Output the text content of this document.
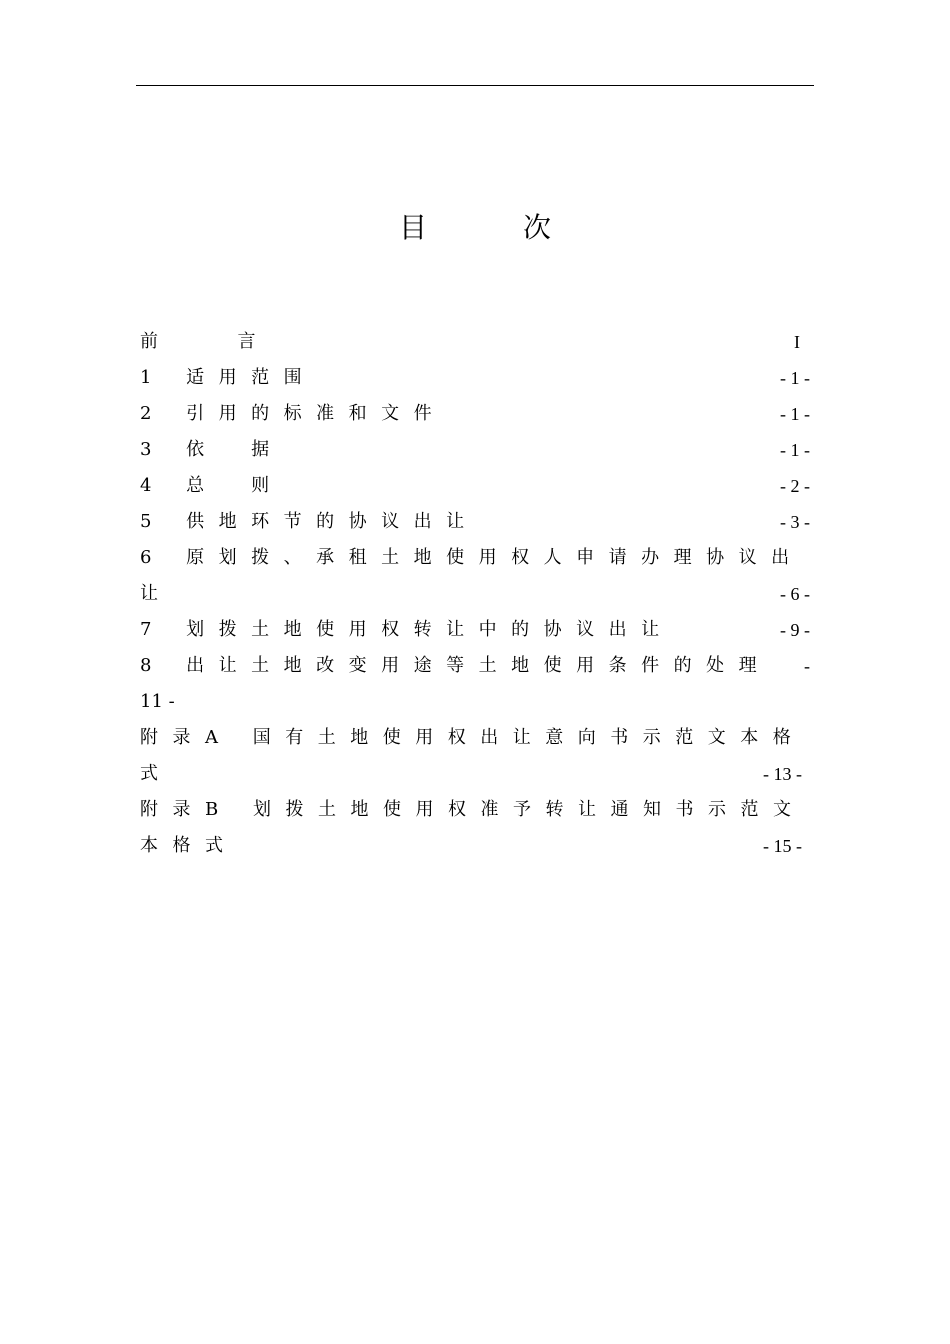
目　次
前　　言	I
1 适用范围	- 1 -
2 引用的标准和文件	- 1 -
3 依　据	- 1 -
4 总　则	- 2 -
5 供地环节的协议出让	- 3 -
6 原划拨、承租土地使用权人申请办理协议出
让	- 6 -
7 划拨土地使用权转让中的协议出让	- 9 -
8 出让土地改变用途等土地使用条件的处理 -
11 -
附录A 国有土地使用权出让意向书示范文本格
式	- 13 -
附录B 划拨土地使用权准予转让通知书示范文
本格式	- 15 -
